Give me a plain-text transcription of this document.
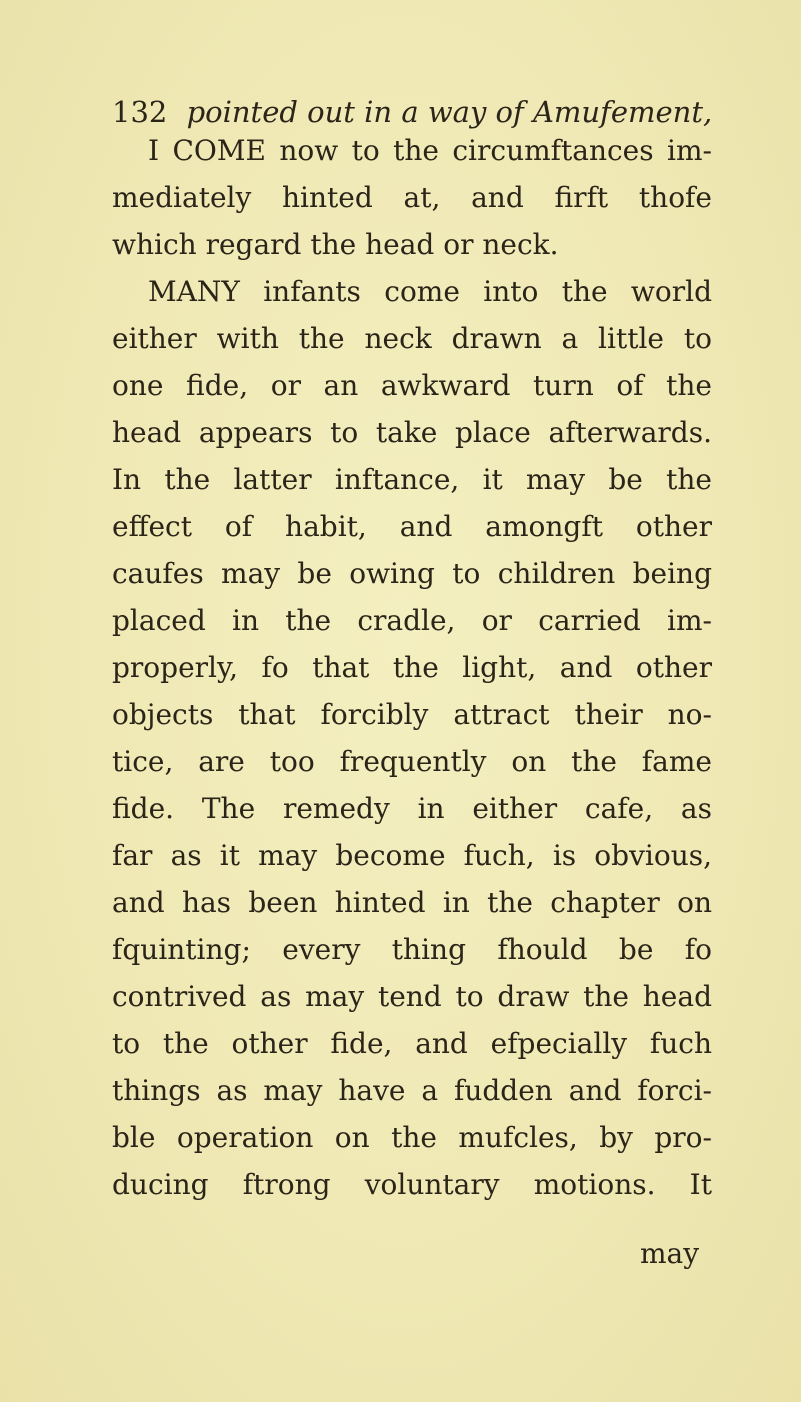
132 pointed out in a way of Amufement,
I COME now to the circumftances im-
mediately hinted at, and firft thofe
which regard the head or neck.
MANY infants come into the world
either with the neck drawn a little to
one fide, or an awkward turn of the
head appears to take place afterwards.
In the latter inftance, it may be the
effect of habit, and amongft other
caufes may be owing to children being
placed in the cradle, or carried im-
properly, fo that the light, and other
objects that forcibly attract their no-
tice, are too frequently on the fame
fide. The remedy in either cafe, as
far as it may become fuch, is obvious,
and has been hinted in the chapter on
fquinting; every thing fhould be fo
contrived as may tend to draw the head
to the other fide, and efpecially fuch
things as may have a fudden and forci-
ble operation on the mufcles, by pro-
ducing ftrong voluntary motions. It
may
